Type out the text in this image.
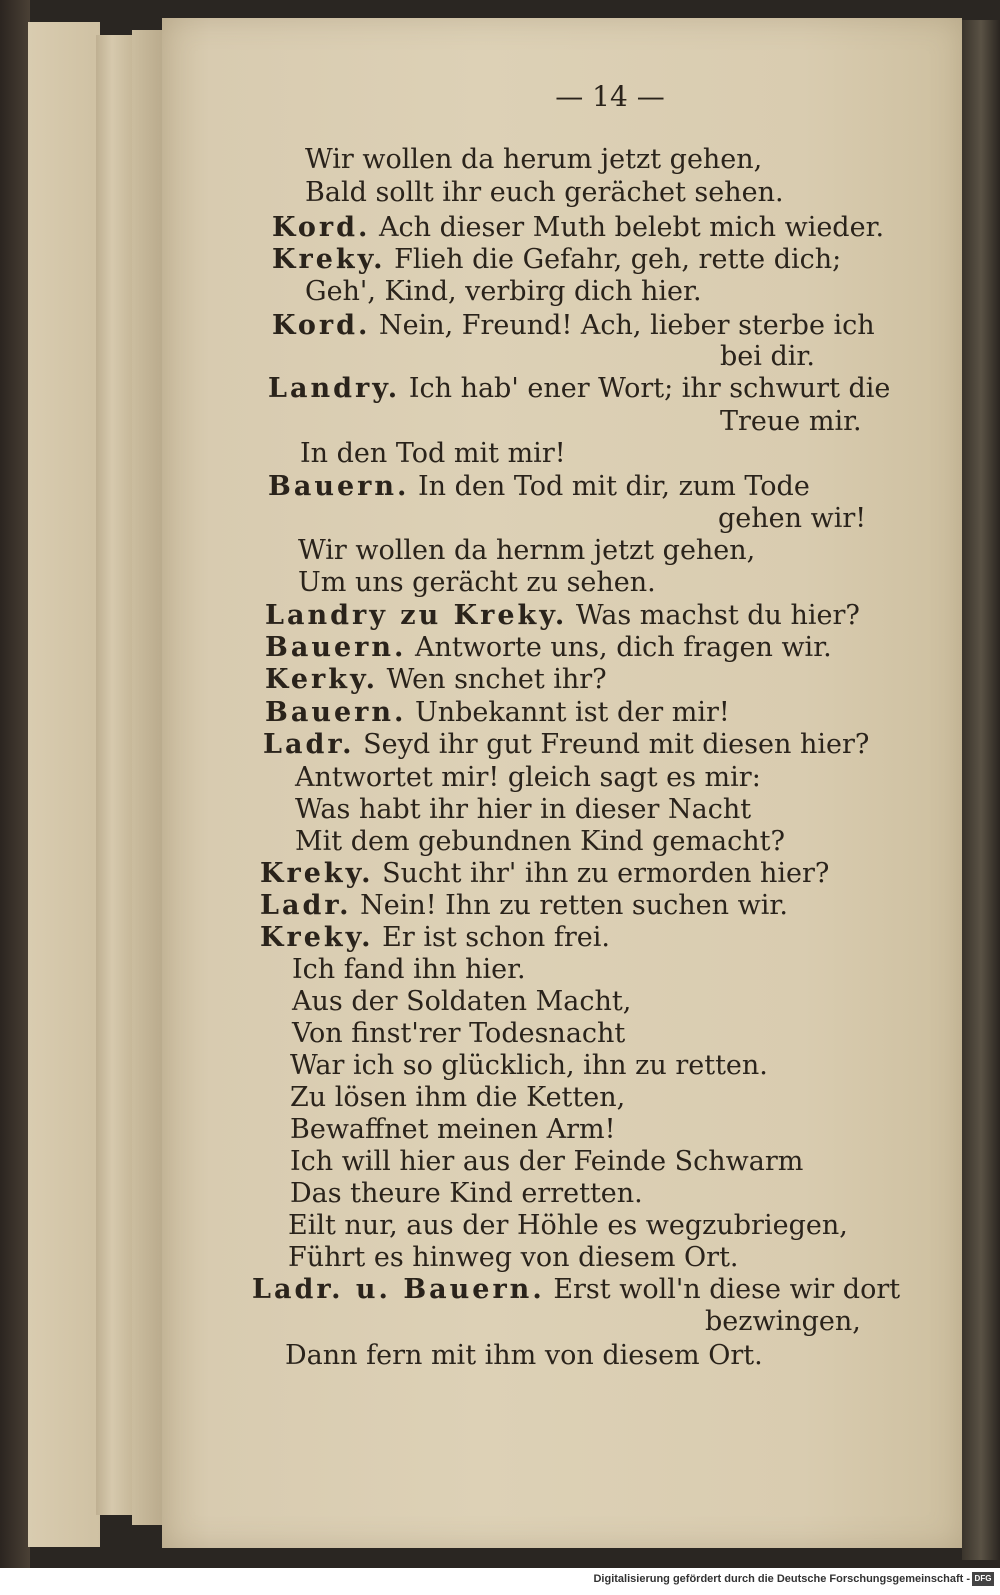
— 14 —
Wir wollen da herum jetzt gehen,
Bald sollt ihr euch gerächet sehen.
Kord. Ach dieser Muth belebt mich wieder.
Kreky. Flieh die Gefahr, geh, rette dich;
Geh', Kind, verbirg dich hier.
Kord. Nein, Freund! Ach, lieber sterbe ich
bei dir.
Landry. Ich hab' ener Wort; ihr schwurt die
Treue mir.
In den Tod mit mir!
Bauern. In den Tod mit dir, zum Tode
gehen wir!
Wir wollen da hernm jetzt gehen,
Um uns gerächt zu sehen.
Landry zu Kreky. Was machst du hier?
Bauern. Antworte uns, dich fragen wir.
Kerky. Wen snchet ihr?
Bauern. Unbekannt ist der mir!
Ladr. Seyd ihr gut Freund mit diesen hier?
Antwortet mir! gleich sagt es mir:
Was habt ihr hier in dieser Nacht
Mit dem gebundnen Kind gemacht?
Kreky. Sucht ihr' ihn zu ermorden hier?
Ladr. Nein! Ihn zu retten suchen wir.
Kreky. Er ist schon frei.
Ich fand ihn hier.
Aus der Soldaten Macht,
Von finst'rer Todesnacht
War ich so glücklich, ihn zu retten.
Zu lösen ihm die Ketten,
Bewaffnet meinen Arm!
Ich will hier aus der Feinde Schwarm
Das theure Kind erretten.
Eilt nur, aus der Höhle es wegzubriegen,
Führt es hinweg von diesem Ort.
Ladr. u. Bauern. Erst woll'n diese wir dort
bezwingen,
Dann fern mit ihm von diesem Ort.
Digitalisierung gefördert durch die Deutsche Forschungsgemeinschaft - DFG
